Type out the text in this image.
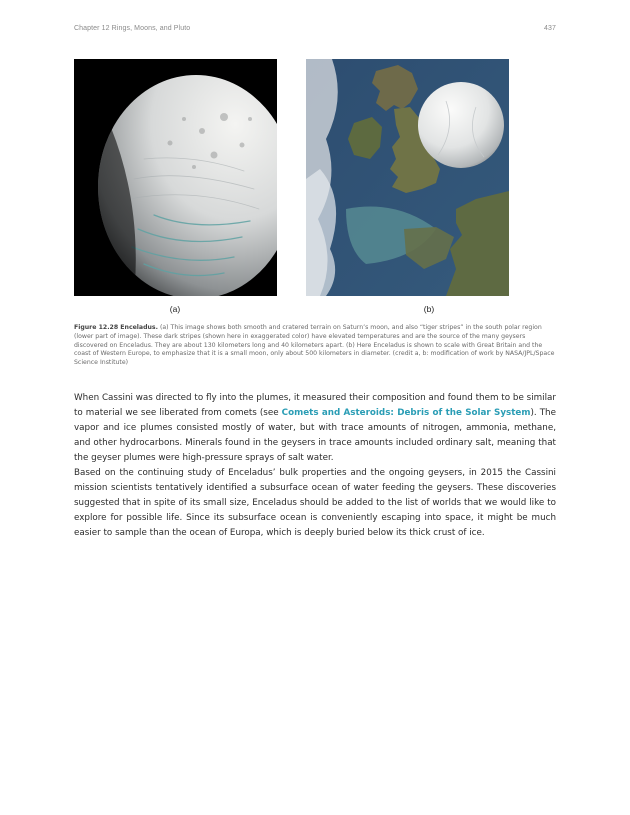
Chapter 12 Rings, Moons, and Pluto	437
(a)	(b)

Figure 12.28 Enceladus. (a) This image shows both smooth and cratered terrain on Saturn’s moon, and also “tiger stripes” in the south polar region (lower part of image). These dark stripes (shown here in exaggerated color) have elevated temperatures and are the source of the many geysers discovered on Enceladus. They are about 130 kilometers long and 40 kilometers apart. (b) Here Enceladus is shown to scale with Great Britain and the coast of Western Europe, to emphasize that it is a small moon, only about 500 kilometers in diameter. (credit a, b: modification of work by NASA/JPL/Space Science Institute)

When Cassini was directed to fly into the plumes, it measured their composition and found them to be similar to material we see liberated from comets (see Comets and Asteroids: Debris of the Solar System). The vapor and ice plumes consisted mostly of water, but with trace amounts of nitrogen, ammonia, methane, and other hydrocarbons. Minerals found in the geysers in trace amounts included ordinary salt, meaning that the geyser plumes were high-pressure sprays of salt water.

Based on the continuing study of Enceladus’ bulk properties and the ongoing geysers, in 2015 the Cassini mission scientists tentatively identified a subsurface ocean of water feeding the geysers. These discoveries suggested that in spite of its small size, Enceladus should be added to the list of worlds that we would like to explore for possible life. Since its subsurface ocean is conveniently escaping into space, it might be much easier to sample than the ocean of Europa, which is deeply buried below its thick crust of ice.
